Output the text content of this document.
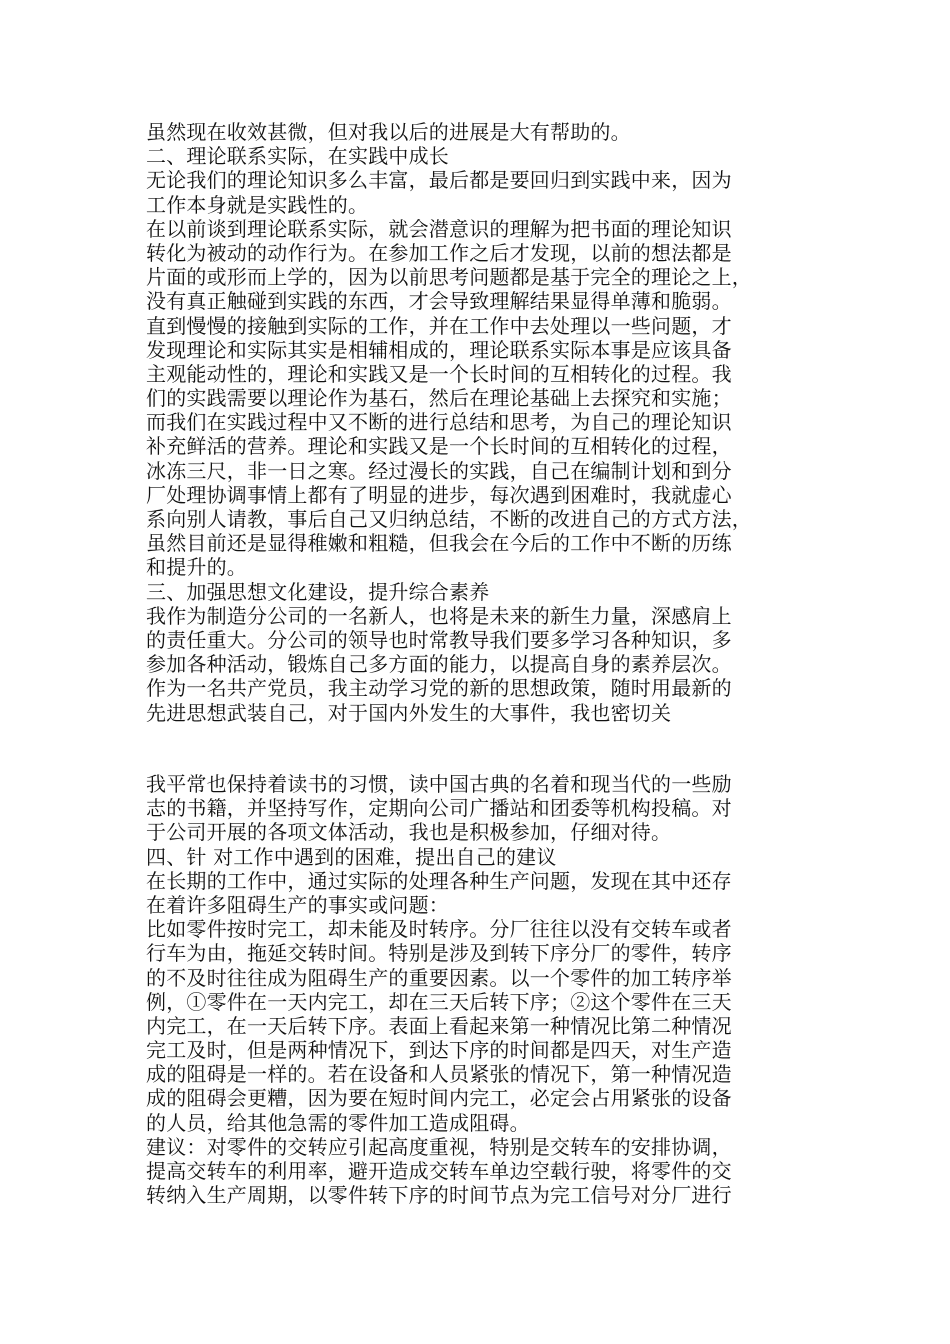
虽然现在收效甚微，但对我以后的进展是大有帮助的。
二、理论联系实际，在实践中成长
无论我们的理论知识多么丰富，最后都是要回归到实践中来，因为
工作本身就是实践性的。
在以前谈到理论联系实际，就会潜意识的理解为把书面的理论知识
转化为被动的动作行为。在参加工作之后才发现，以前的想法都是
片面的或形而上学的，因为以前思考问题都是基于完全的理论之上，
没有真正触碰到实践的东西，才会导致理解结果显得单薄和脆弱。
直到慢慢的接触到实际的工作，并在工作中去处理以一些问题，才
发现理论和实际其实是相辅相成的，理论联系实际本事是应该具备
主观能动性的，理论和实践又是一个长时间的互相转化的过程。我
们的实践需要以理论作为基石，然后在理论基础上去探究和实施；
而我们在实践过程中又不断的进行总结和思考，为自己的理论知识
补充鲜活的营养。理论和实践又是一个长时间的互相转化的过程，
冰冻三尺，非一日之寒。经过漫长的实践，自己在编制计划和到分
厂处理协调事情上都有了明显的进步，每次遇到困难时，我就虚心
系向别人请教，事后自己又归纳总结，不断的改进自己的方式方法，
虽然目前还是显得稚嫩和粗糙，但我会在今后的工作中不断的历练
和提升的。
三、加强思想文化建设，提升综合素养
我作为制造分公司的一名新人，也将是未来的新生力量，深感肩上
的责任重大。分公司的领导也时常教导我们要多学习各种知识，多
参加各种活动，锻炼自己多方面的能力，以提高自身的素养层次。
作为一名共产党员，我主动学习党的新的思想政策，随时用最新的
先进思想武装自己，对于国内外发生的大事件，我也密切关
我平常也保持着读书的习惯，读中国古典的名着和现当代的一些励
志的书籍，并坚持写作，定期向公司广播站和团委等机构投稿。对
于公司开展的各项文体活动，我也是积极参加，仔细对待。
四、针 对工作中遇到的困难，提出自己的建议
在长期的工作中，通过实际的处理各种生产问题，发现在其中还存
在着许多阻碍生产的事实或问题：
比如零件按时完工，却未能及时转序。分厂往往以没有交转车或者
行车为由，拖延交转时间。特别是涉及到转下序分厂的零件，转序
的不及时往往成为阻碍生产的重要因素。以一个零件的加工转序举
例，①零件在一天内完工，却在三天后转下序；②这个零件在三天
内完工，在一天后转下序。表面上看起来第一种情况比第二种情况
完工及时，但是两种情况下，到达下序的时间都是四天，对生产造
成的阻碍是一样的。若在设备和人员紧张的情况下，第一种情况造
成的阻碍会更糟，因为要在短时间内完工，必定会占用紧张的设备
的人员，给其他急需的零件加工造成阻碍。
建议：对零件的交转应引起高度重视，特别是交转车的安排协调，
提高交转车的利用率，避开造成交转车单边空载行驶，将零件的交
转纳入生产周期，以零件转下序的时间节点为完工信号对分厂进行
